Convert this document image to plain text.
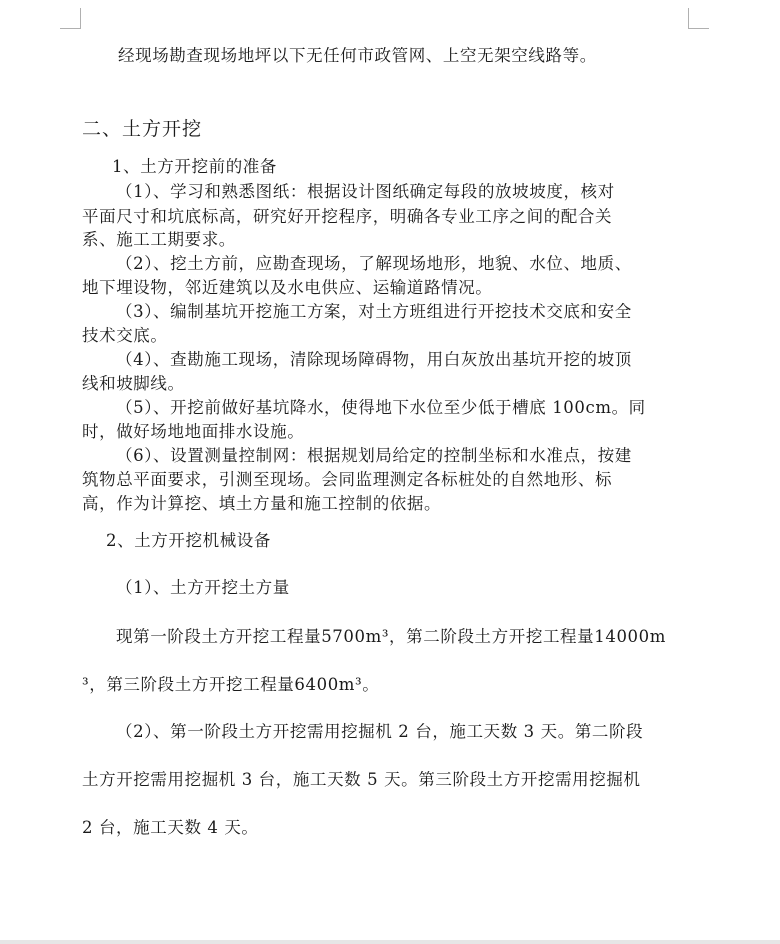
经现场勘查现场地坪以下无任何市政管网、上空无架空线路等。
二、土方开挖
1、土方开挖前的准备
（1）、学习和熟悉图纸：根据设计图纸确定每段的放坡坡度，核对
平面尺寸和坑底标高，研究好开挖程序，明确各专业工序之间的配合关
系、施工工期要求。
（2）、挖土方前，应勘查现场，了解现场地形，地貌、水位、地质、
地下埋设物，邻近建筑以及水电供应、运输道路情况。
（3）、编制基坑开挖施工方案，对土方班组进行开挖技术交底和安全
技术交底。
（4）、查勘施工现场，清除现场障碍物，用白灰放出基坑开挖的坡顶
线和坡脚线。
（5）、开挖前做好基坑降水，使得地下水位至少低于槽底 100cm。同
时，做好场地地面排水设施。
（6）、设置测量控制网：根据规划局给定的控制坐标和水准点，按建
筑物总平面要求，引测至现场。会同监理测定各标桩处的自然地形、标
高，作为计算挖、填土方量和施工控制的依据。
2、土方开挖机械设备
（1）、土方开挖土方量
现第一阶段土方开挖工程量5700m³，第二阶段土方开挖工程量14000m
³，第三阶段土方开挖工程量6400m³。
（2）、第一阶段土方开挖需用挖掘机 2 台，施工天数 3 天。第二阶段
土方开挖需用挖掘机 3 台，施工天数 5 天。第三阶段土方开挖需用挖掘机
2 台，施工天数 4 天。
